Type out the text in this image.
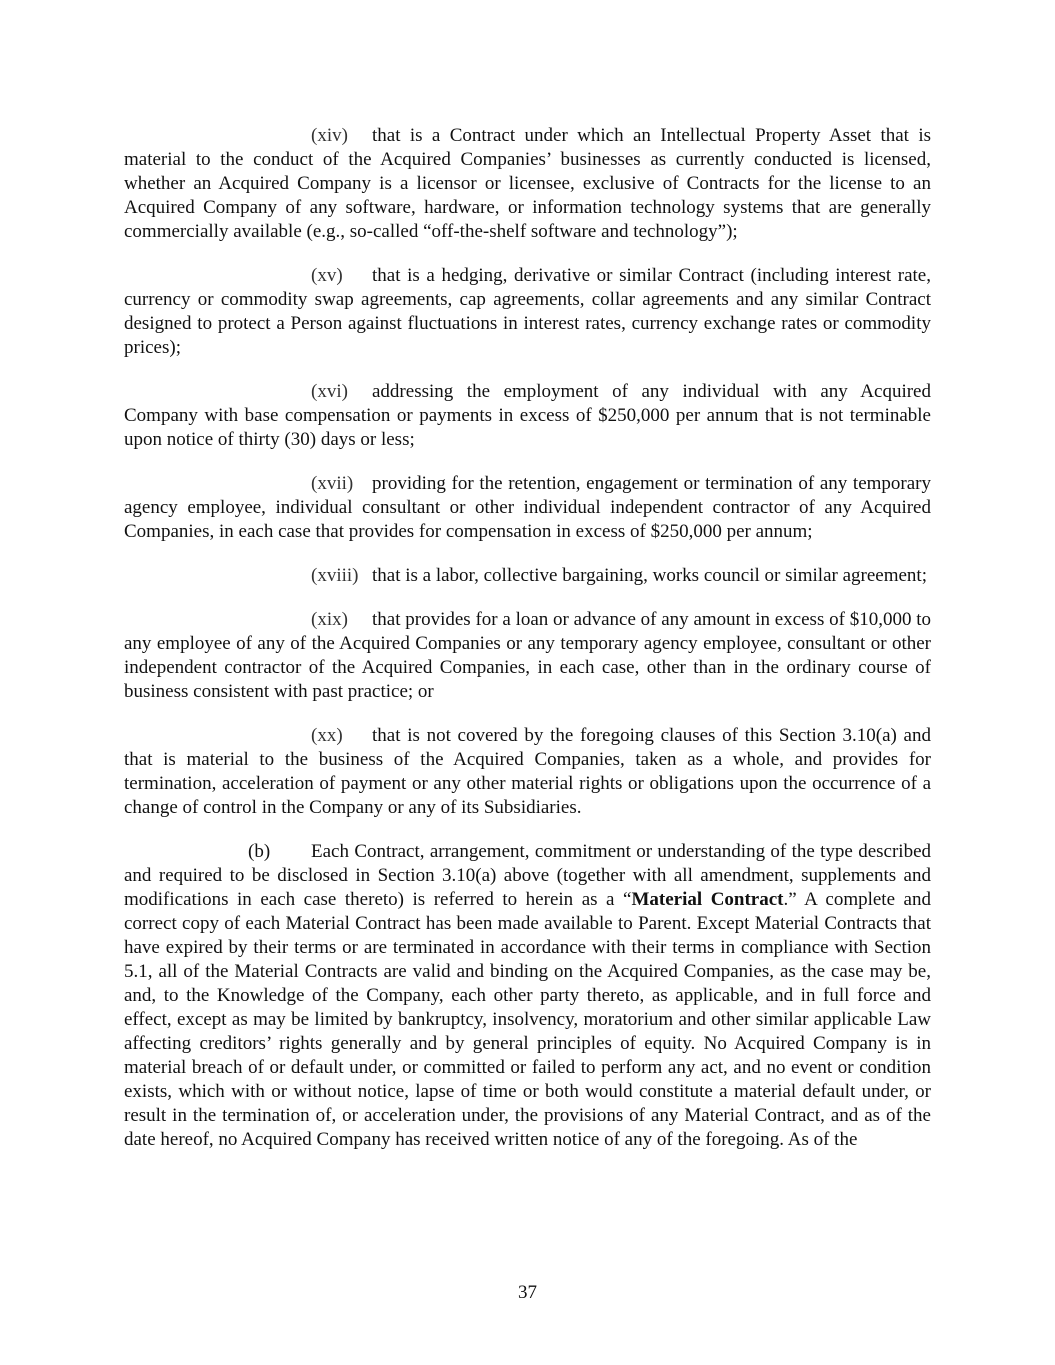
(xiv) that is a Contract under which an Intellectual Property Asset that is material to the conduct of the Acquired Companies’ businesses as currently conducted is licensed, whether an Acquired Company is a licensor or licensee, exclusive of Contracts for the license to an Acquired Company of any software, hardware, or information technology systems that are generally commercially available (e.g., so-called “off-the-shelf software and technology”);

(xv) that is a hedging, derivative or similar Contract (including interest rate, currency or commodity swap agreements, cap agreements, collar agreements and any similar Contract designed to protect a Person against fluctuations in interest rates, currency exchange rates or commodity prices);

(xvi) addressing the employment of any individual with any Acquired Company with base compensation or payments in excess of $250,000 per annum that is not terminable upon notice of thirty (30) days or less;

(xvii) providing for the retention, engagement or termination of any temporary agency employee, individual consultant or other individual independent contractor of any Acquired Companies, in each case that provides for compensation in excess of $250,000 per annum;

(xviii) that is a labor, collective bargaining, works council or similar agreement;

(xix) that provides for a loan or advance of any amount in excess of $10,000 to any employee of any of the Acquired Companies or any temporary agency employee, consultant or other independent contractor of the Acquired Companies, in each case, other than in the ordinary course of business consistent with past practice; or

(xx) that is not covered by the foregoing clauses of this Section 3.10(a) and that is material to the business of the Acquired Companies, taken as a whole, and provides for termination, acceleration of payment or any other material rights or obligations upon the occurrence of a change of control in the Company or any of its Subsidiaries.

(b) Each Contract, arrangement, commitment or understanding of the type described and required to be disclosed in Section 3.10(a) above (together with all amendment, supplements and modifications in each case thereto) is referred to herein as a “Material Contract.” A complete and correct copy of each Material Contract has been made available to Parent. Except Material Contracts that have expired by their terms or are terminated in accordance with their terms in compliance with Section 5.1, all of the Material Contracts are valid and binding on the Acquired Companies, as the case may be, and, to the Knowledge of the Company, each other party thereto, as applicable, and in full force and effect, except as may be limited by bankruptcy, insolvency, moratorium and other similar applicable Law affecting creditors’ rights generally and by general principles of equity. No Acquired Company is in material breach of or default under, or committed or failed to perform any act, and no event or condition exists, which with or without notice, lapse of time or both would constitute a material default under, or result in the termination of, or acceleration under, the provisions of any Material Contract, and as of the date hereof, no Acquired Company has received written notice of any of the foregoing. As of the

37
